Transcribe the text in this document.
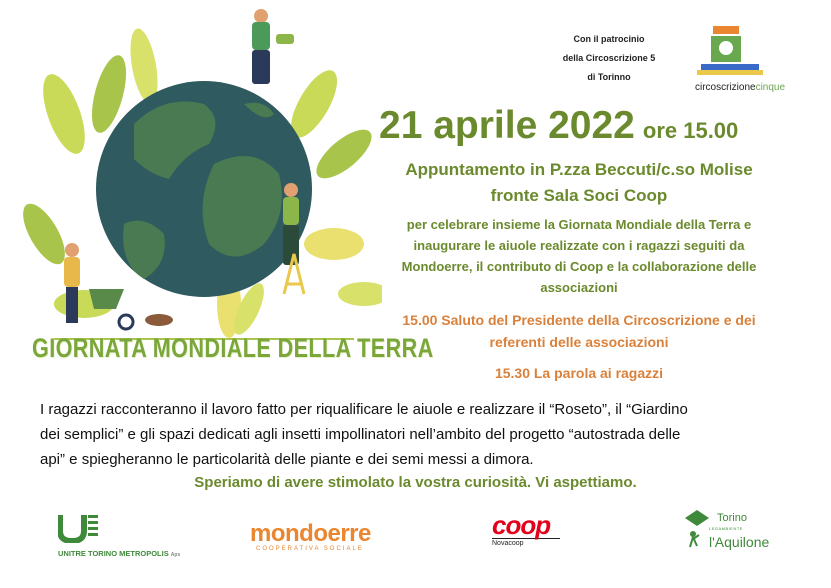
GIORNATA MONDIALE DELLA TERRA
Con il patrocinio
della Circoscrizione 5
di Torinno
circoscrizionecinque
21 aprile 2022 ore 15.00
Appuntamento in P.zza Beccuti/c.so Molise
fronte Sala Soci Coop
per celebrare insieme la Giornata Mondiale della Terra e
inaugurare le aiuole realizzate con i ragazzi seguiti da
Mondoerre, il contributo di Coop e la collaborazione delle
associazioni
15.00 Saluto del Presidente della Circoscrizione e dei
referenti delle associazioni
15.30 La parola ai ragazzi
I ragazzi racconteranno il lavoro fatto per riqualificare le aiuole e realizzare il “Roseto”, il “Giardino
dei semplici” e gli spazi dedicati agli insetti impollinatori nell’ambito del progetto “autostrada delle
api” e spiegheranno le particolarità delle piante e dei semi messi a dimora.
Speriamo di avere stimolato la vostra curiosità. Vi aspettiamo.
UNITRE TORINO METROPOLIS Aps
mondoerre
COOPERATIVA SOCIALE
coop
Novacoop
Torino
LEGAMBIENTE
l'Aquilone
